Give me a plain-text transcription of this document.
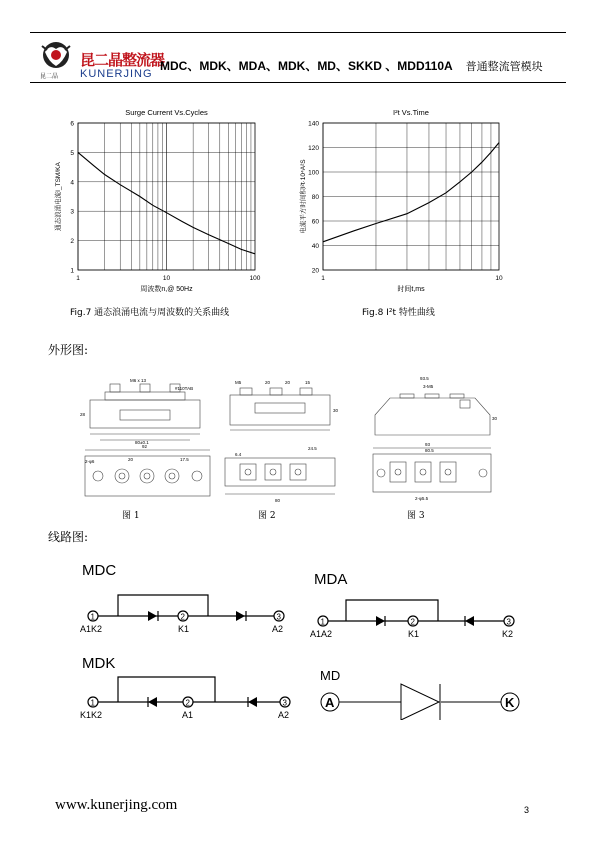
昆二晶
昆二晶整流器
KUNERJING
MDC、MDK、MDA、MDK、MD、SKKD 、MDD110A 普通整流管模块
1
2
3
4
5
6
1	10	100
Surge Current Vs.Cycles
周波数n,@ 50Hz
通态浪涌电流I_TSM/KA
20
40
60
80
100
120
140
1	10
I²t Vs.Time
时间t,ms
电流平方时间积I²t·10⁴A²S
Fig.7 通态浪涌电流与周波数的关系曲线	Fig.8 I²t 特性曲线
外形图:
M6 x 13
#110TAB
28
80±0.1
92
20	17.5
2-φ6
M5	20	20	15
30
24.5
6.4
80
93.5
3-M5
30
93
80.5
2-φ5.5
图 1	图 2	图 3
线路图:
MDC
1	2	3
A1K2	K1	A2
MDA
1	2	3
A1A2	K1	K2
MDK
1	2	3
K1K2	A1	A2
MD
A	K
www.kunerjing.com	3
